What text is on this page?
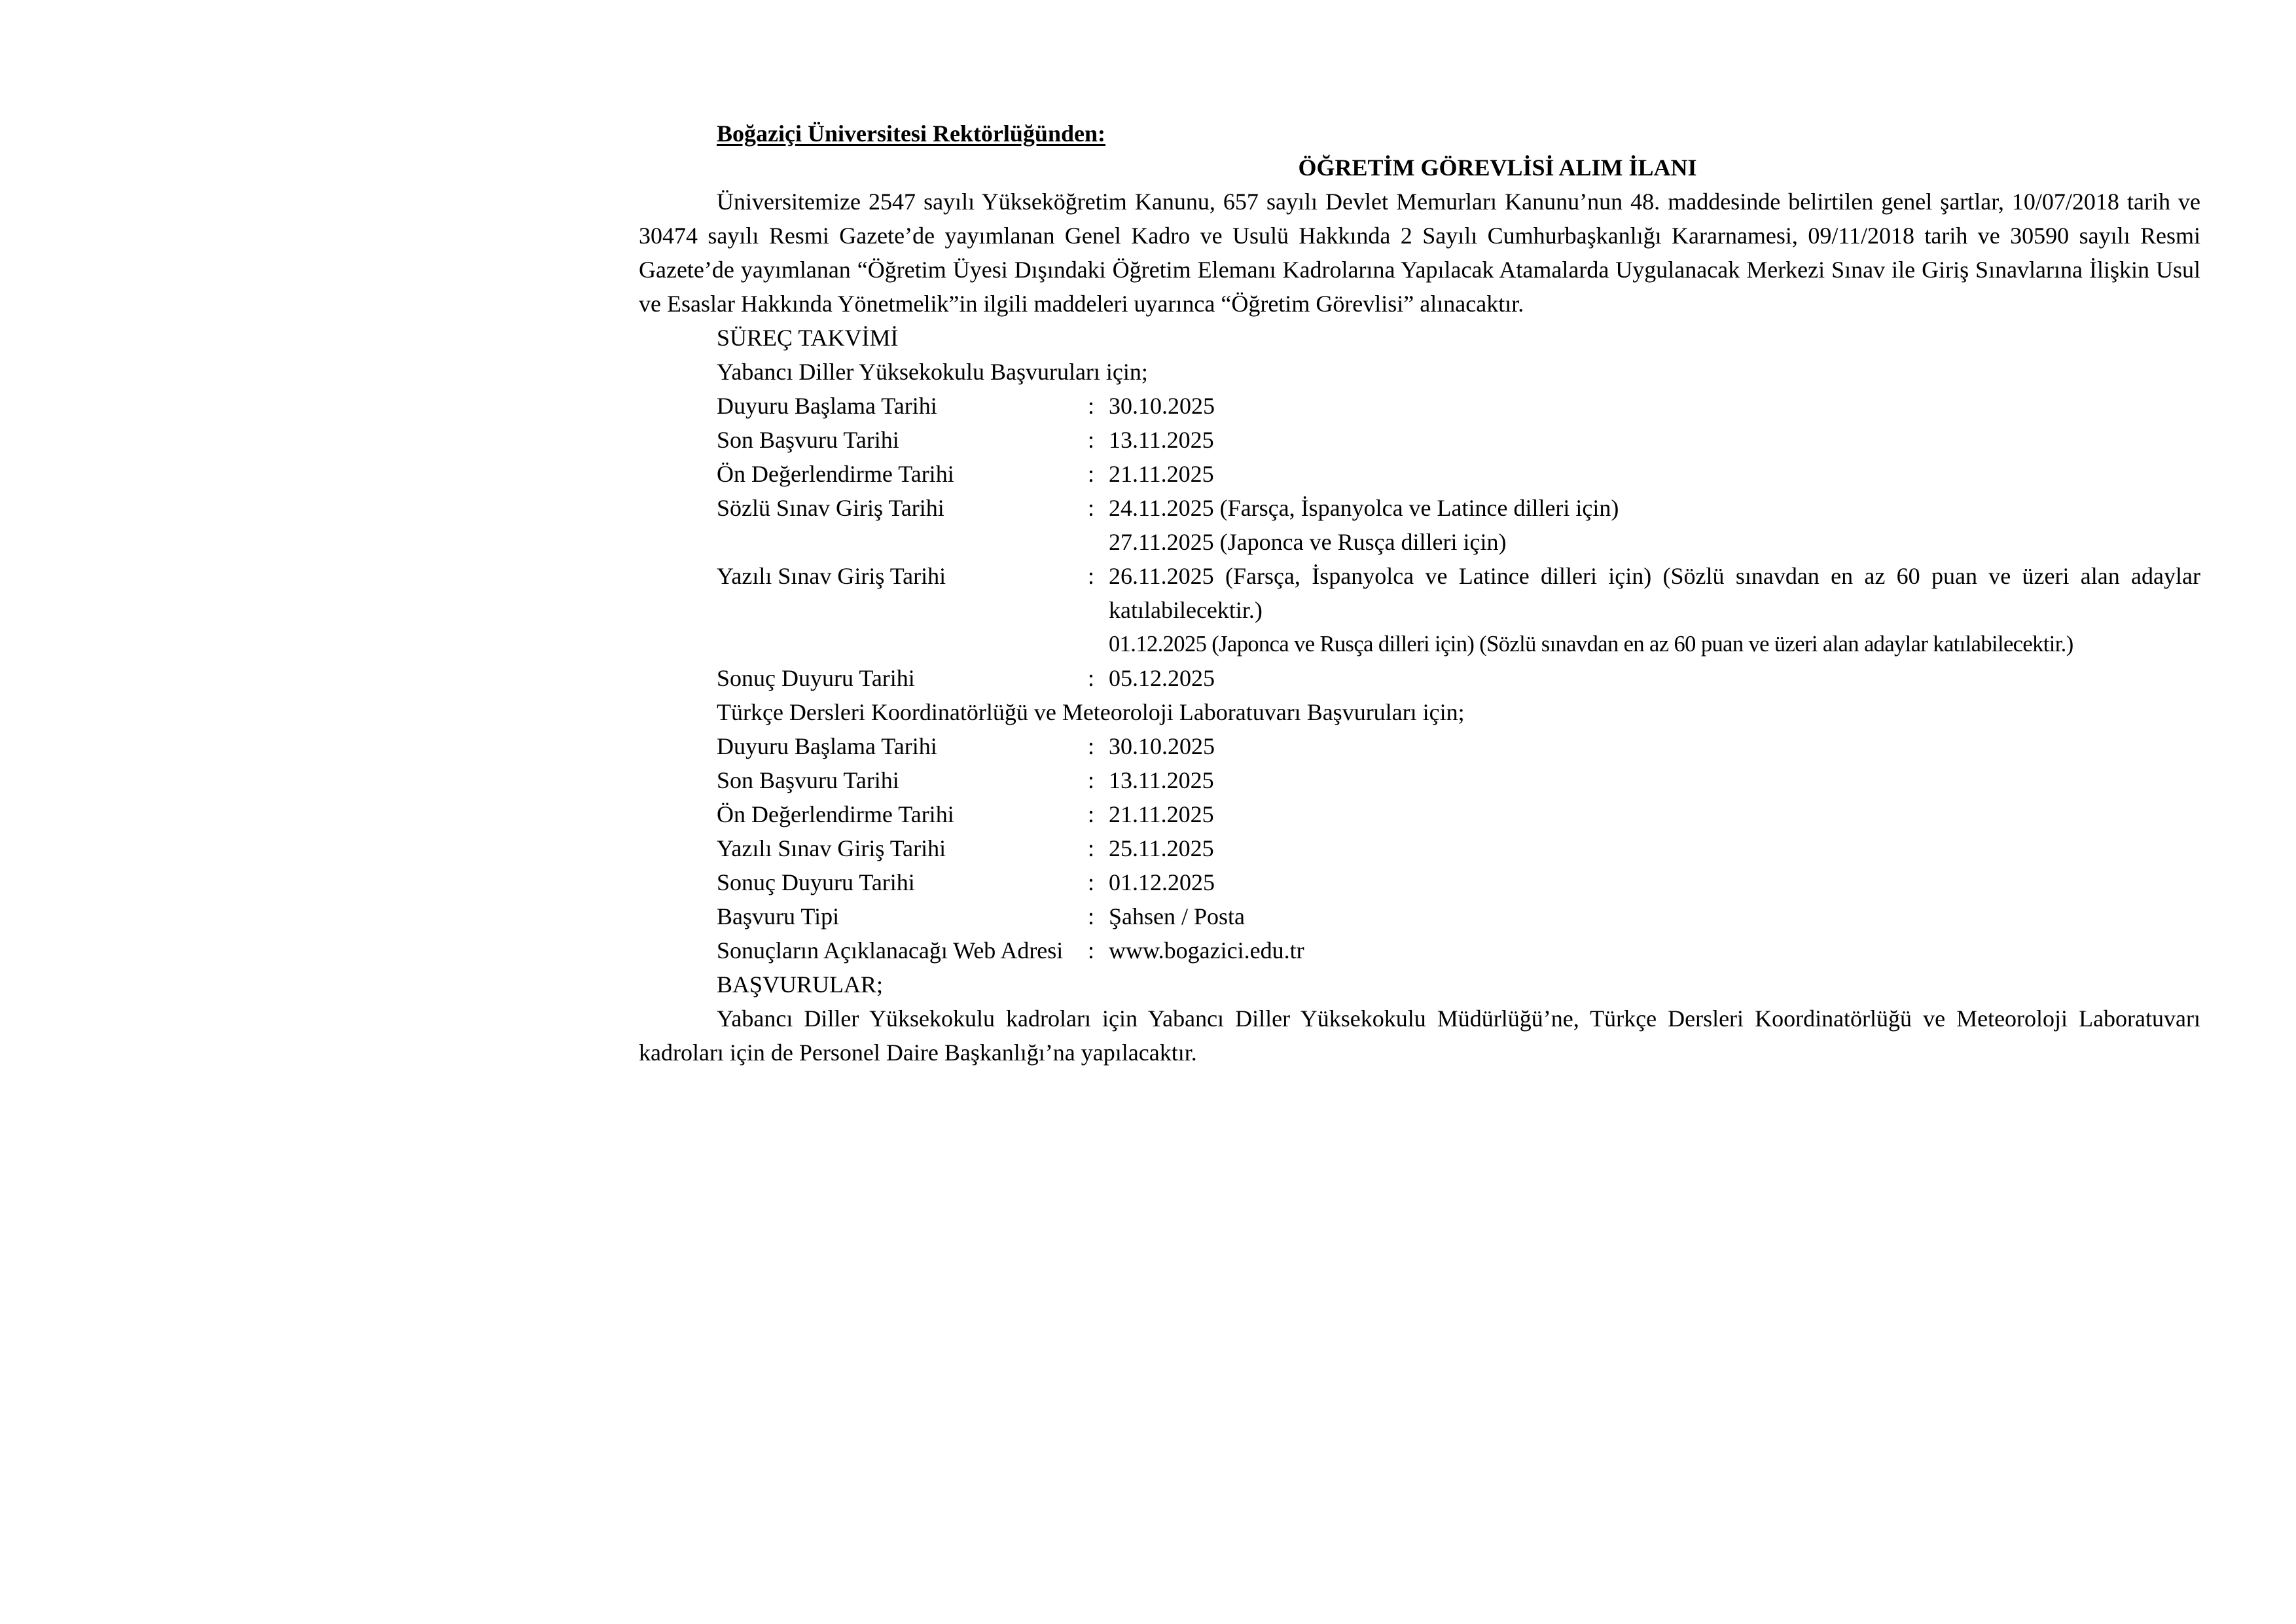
Boğaziçi Üniversitesi Rektörlüğünden:
ÖĞRETİM GÖREVLİSİ ALIM İLANI

Üniversitemize 2547 sayılı Yükseköğretim Kanunu, 657 sayılı Devlet Memurları Kanunu’nun 48. maddesinde belirtilen genel şartlar, 10/07/2018 tarih ve 30474 sayılı Resmi Gazete’de yayımlanan Genel Kadro ve Usulü Hakkında 2 Sayılı Cumhurbaşkanlığı Kararnamesi, 09/11/2018 tarih ve 30590 sayılı Resmi Gazete’de yayımlanan “Öğretim Üyesi Dışındaki Öğretim Elemanı Kadrolarına Yapılacak Atamalarda Uygulanacak Merkezi Sınav ile Giriş Sınavlarına İlişkin Usul ve Esaslar Hakkında Yönetmelik”in ilgili maddeleri uyarınca “Öğretim Görevlisi” alınacaktır.

SÜREÇ TAKVİMİ
Yabancı Diller Yüksekokulu Başvuruları için;
Duyuru Başlama Tarihi	: 30.10.2025
Son Başvuru Tarihi	: 13.11.2025
Ön Değerlendirme Tarihi	: 21.11.2025
Sözlü Sınav Giriş Tarihi	: 24.11.2025 (Farsça, İspanyolca ve Latince dilleri için)
27.11.2025 (Japonca ve Rusça dilleri için)
Yazılı Sınav Giriş Tarihi	: 26.11.2025 (Farsça, İspanyolca ve Latince dilleri için) (Sözlü sınavdan en az 60 puan ve üzeri alan adaylar katılabilecektir.)
01.12.2025 (Japonca ve Rusça dilleri için) (Sözlü sınavdan en az 60 puan ve üzeri alan adaylar katılabilecektir.)
Sonuç Duyuru Tarihi	: 05.12.2025
Türkçe Dersleri Koordinatörlüğü ve Meteoroloji Laboratuvarı Başvuruları için;
Duyuru Başlama Tarihi	: 30.10.2025
Son Başvuru Tarihi	: 13.11.2025
Ön Değerlendirme Tarihi	: 21.11.2025
Yazılı Sınav Giriş Tarihi	: 25.11.2025
Sonuç Duyuru Tarihi	: 01.12.2025
Başvuru Tipi	: Şahsen / Posta
Sonuçların Açıklanacağı Web Adresi	: www.bogazici.edu.tr
BAŞVURULAR;

Yabancı Diller Yüksekokulu kadroları için Yabancı Diller Yüksekokulu Müdürlüğü’ne, Türkçe Dersleri Koordinatörlüğü ve Meteoroloji Laboratuvarı kadroları için de Personel Daire Başkanlığı’na yapılacaktır.
